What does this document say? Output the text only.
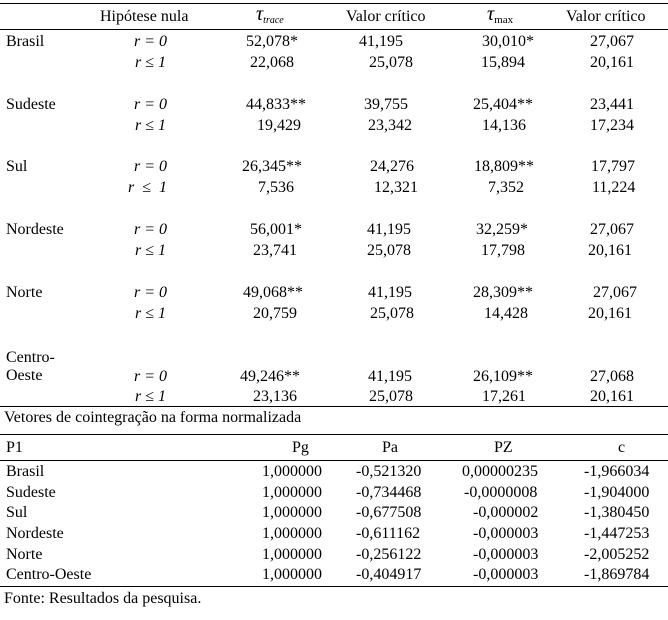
Hipótese nula	$\tau_{trace}$	Valor crítico	τmax	Valor crítico
Brasil	r = 0	52,078*	41,195	30,010*	27,067
r ≤ 1	22,068	25,078	15,894	20,161
Sudeste	r = 0	44,833**	39,755	25,404**	23,441
r ≤ 1	19,429	23,342	14,136	17,234
Sul	r = 0	26,345**	24,276	18,809**	17,797
r  ≤  1	7,536	12,321	7,352	11,224
Nordeste	r = 0	56,001*	41,195	32,259*	27,067
r ≤ 1	23,741	25,078	17,798	20,161
Norte	r = 0	49,068**	41,195	28,309**	27,067
r ≤ 1	20,759	25,078	14,428	20,161
Centro-
Oeste	r = 0	49,246**	41,195	26,109**	27,068
r ≤ 1	23,136	25,078	17,261	20,161
Vetores de cointegração na forma normalizada
P1	Pg	Pa	PZ	c
Brasil	1,000000 -0,521320	0,00000235	-1,966034
Sudeste	1,000000 -0,734468	-0,0000008	-1,904000
Sul	1,000000 -0,677508	-0,000002	-1,380450
Nordeste	1,000000 -0,611162	-0,000003	-1,447253
Norte	1,000000 -0,256122	-0,000003	-2,005252
Centro-Oeste	1,000000 -0,404917	-0,000003	-1,869784
Fonte: Resultados da pesquisa.
